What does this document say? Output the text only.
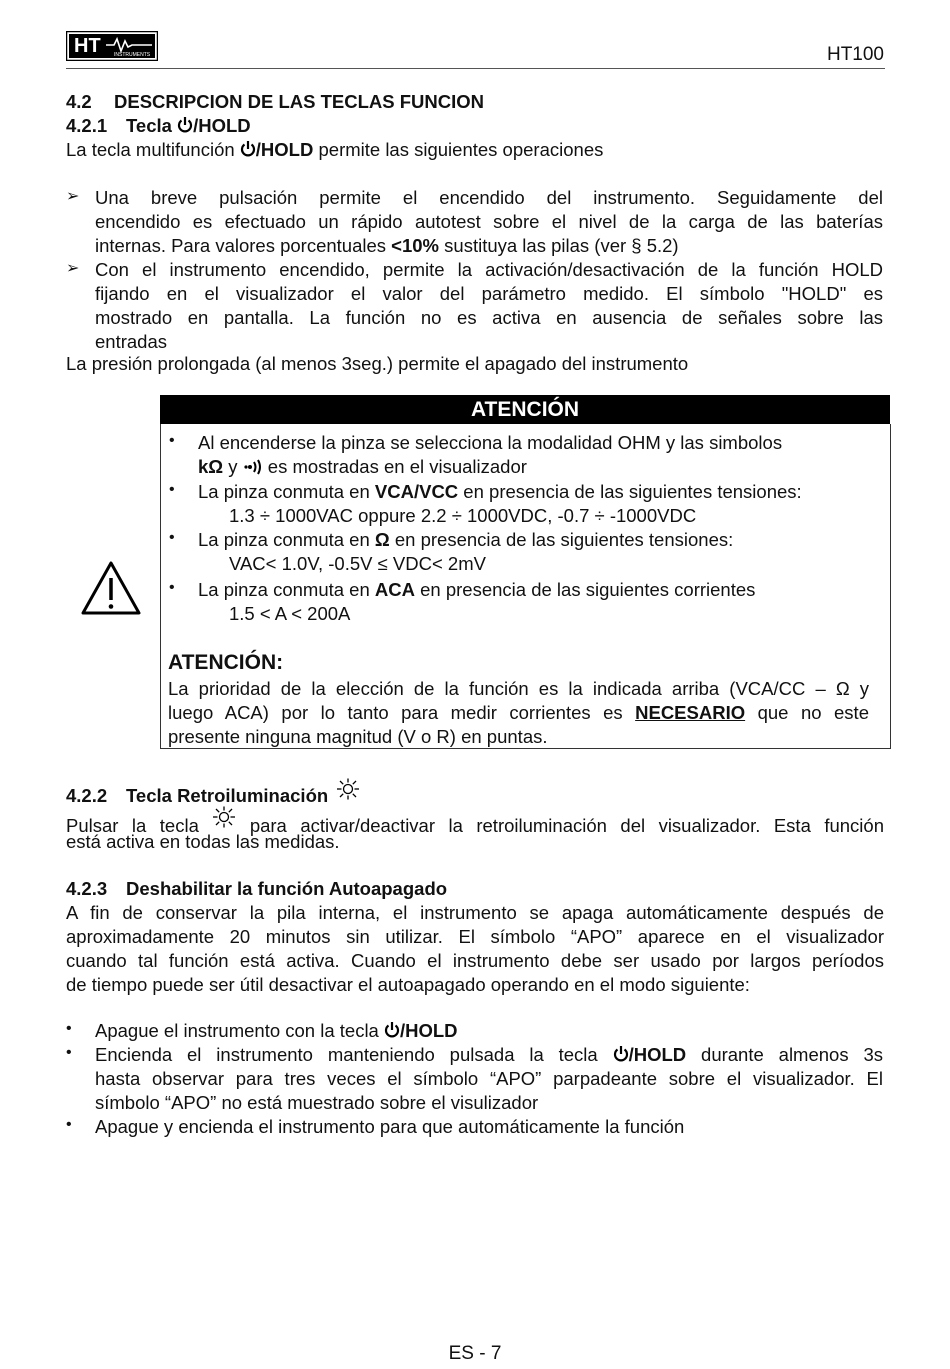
HT	INSTRUMENTS	HT100
4.2 DESCRIPCION DE LAS TECLAS FUNCION
4.2.1 Tecla /HOLD
La tecla multifunción /HOLD permite las siguientes operaciones
➢ Una breve pulsación permite el encendido del instrumento. Seguidamente del
encendido es efectuado un rápido autotest sobre el nivel de la carga de las baterías
internas. Para valores porcentuales <10% sustituya las pilas (ver § 5.2)
➢ Con el instrumento encendido, permite la activación/desactivación de la función HOLD
fijando en el visualizador el valor del parámetro medido. El símbolo "HOLD" es
mostrado en pantalla. La función no es activa en ausencia de señales sobre las
entradas
La presión prolongada (al menos 3seg.) permite el apagado del instrumento
ATENCIÓN
• Al encenderse la pinza se selecciona la modalidad OHM y las simbolos
kΩ y  es mostradas en el visualizador
• La pinza conmuta en VCA/VCC en presencia de las siguientes tensiones:
1.3 ÷ 1000VAC oppure 2.2 ÷ 1000VDC, -0.7 ÷ -1000VDC
• La pinza conmuta en Ω en presencia de las siguientes tensiones:
VAC< 1.0V, -0.5V ≤ VDC< 2mV
• La pinza conmuta en ACA en presencia de las siguientes corrientes
1.5 < A < 200A
ATENCIÓN:
La prioridad de la elección de la función es la indicada arriba (VCA/CC – Ω y
luego ACA) por lo tanto para medir corrientes es NECESARIO que no este
presente ninguna magnitud (V o R) en puntas.
4.2.2 Tecla Retroiluminación
Pulsar la tecla  para activar/deactivar la retroiluminación del visualizador. Esta función
está activa en todas las medidas.
4.2.3 Deshabilitar la función Autoapagado
A fin de conservar la pila interna, el instrumento se apaga automáticamente después de
aproximadamente 20 minutos sin utilizar. El símbolo “APO” aparece en el visualizador
cuando tal función está activa. Cuando el instrumento debe ser usado por largos períodos
de tiempo puede ser útil desactivar el autoapagado operando en el modo siguiente:
• Apague el instrumento con la tecla /HOLD
• Encienda el instrumento manteniendo pulsada la tecla /HOLD durante almenos 3s
hasta observar para tres veces el símbolo “APO” parpadeante sobre el visualizador. El
símbolo “APO” no está muestrado sobre el visulizador
• Apague y encienda el instrumento para que automáticamente la función
ES - 7
